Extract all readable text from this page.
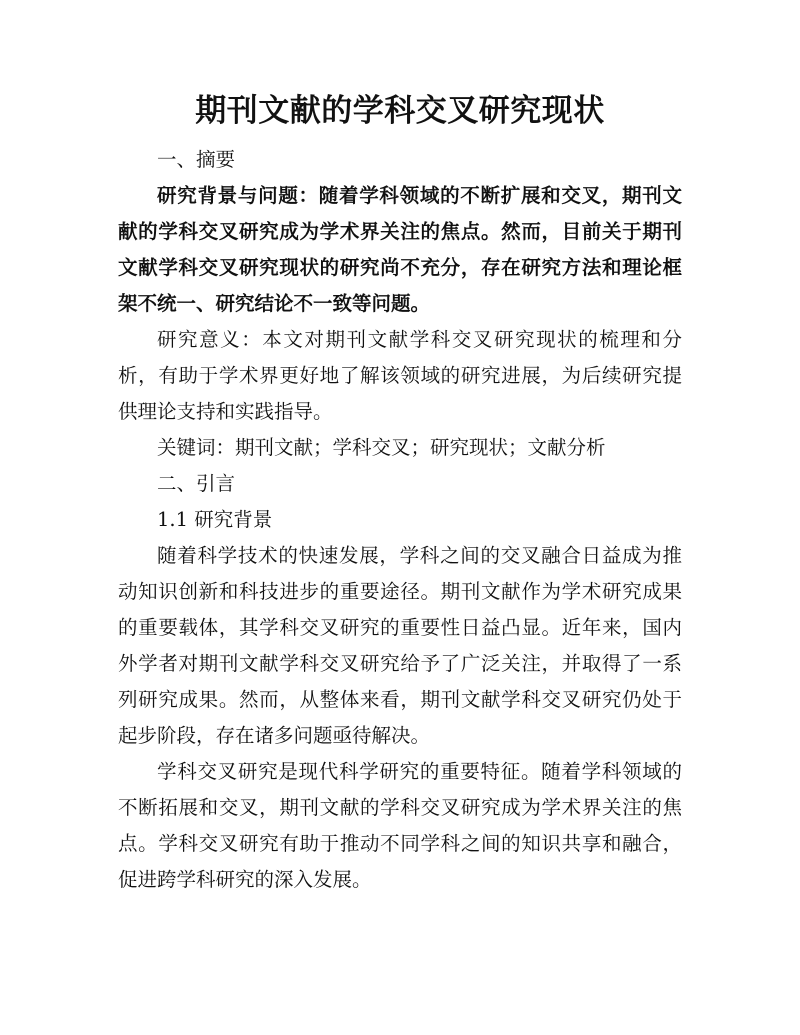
期刊文献的学科交叉研究现状

一、摘要

研究背景与问题：随着学科领域的不断扩展和交叉，期刊文献的学科交叉研究成为学术界关注的焦点。然而，目前关于期刊文献学科交叉研究现状的研究尚不充分，存在研究方法和理论框架不统一、研究结论不一致等问题。

研究意义：本文对期刊文献学科交叉研究现状的梳理和分析，有助于学术界更好地了解该领域的研究进展，为后续研究提供理论支持和实践指导。

关键词：期刊文献；学科交叉；研究现状；文献分析

二、引言

1.1 研究背景

随着科学技术的快速发展，学科之间的交叉融合日益成为推动知识创新和科技进步的重要途径。期刊文献作为学术研究成果的重要载体，其学科交叉研究的重要性日益凸显。近年来，国内外学者对期刊文献学科交叉研究给予了广泛关注，并取得了一系列研究成果。然而，从整体来看，期刊文献学科交叉研究仍处于起步阶段，存在诸多问题亟待解决。

学科交叉研究是现代科学研究的重要特征。随着学科领域的不断拓展和交叉，期刊文献的学科交叉研究成为学术界关注的焦点。学科交叉研究有助于推动不同学科之间的知识共享和融合，促进跨学科研究的深入发展。
